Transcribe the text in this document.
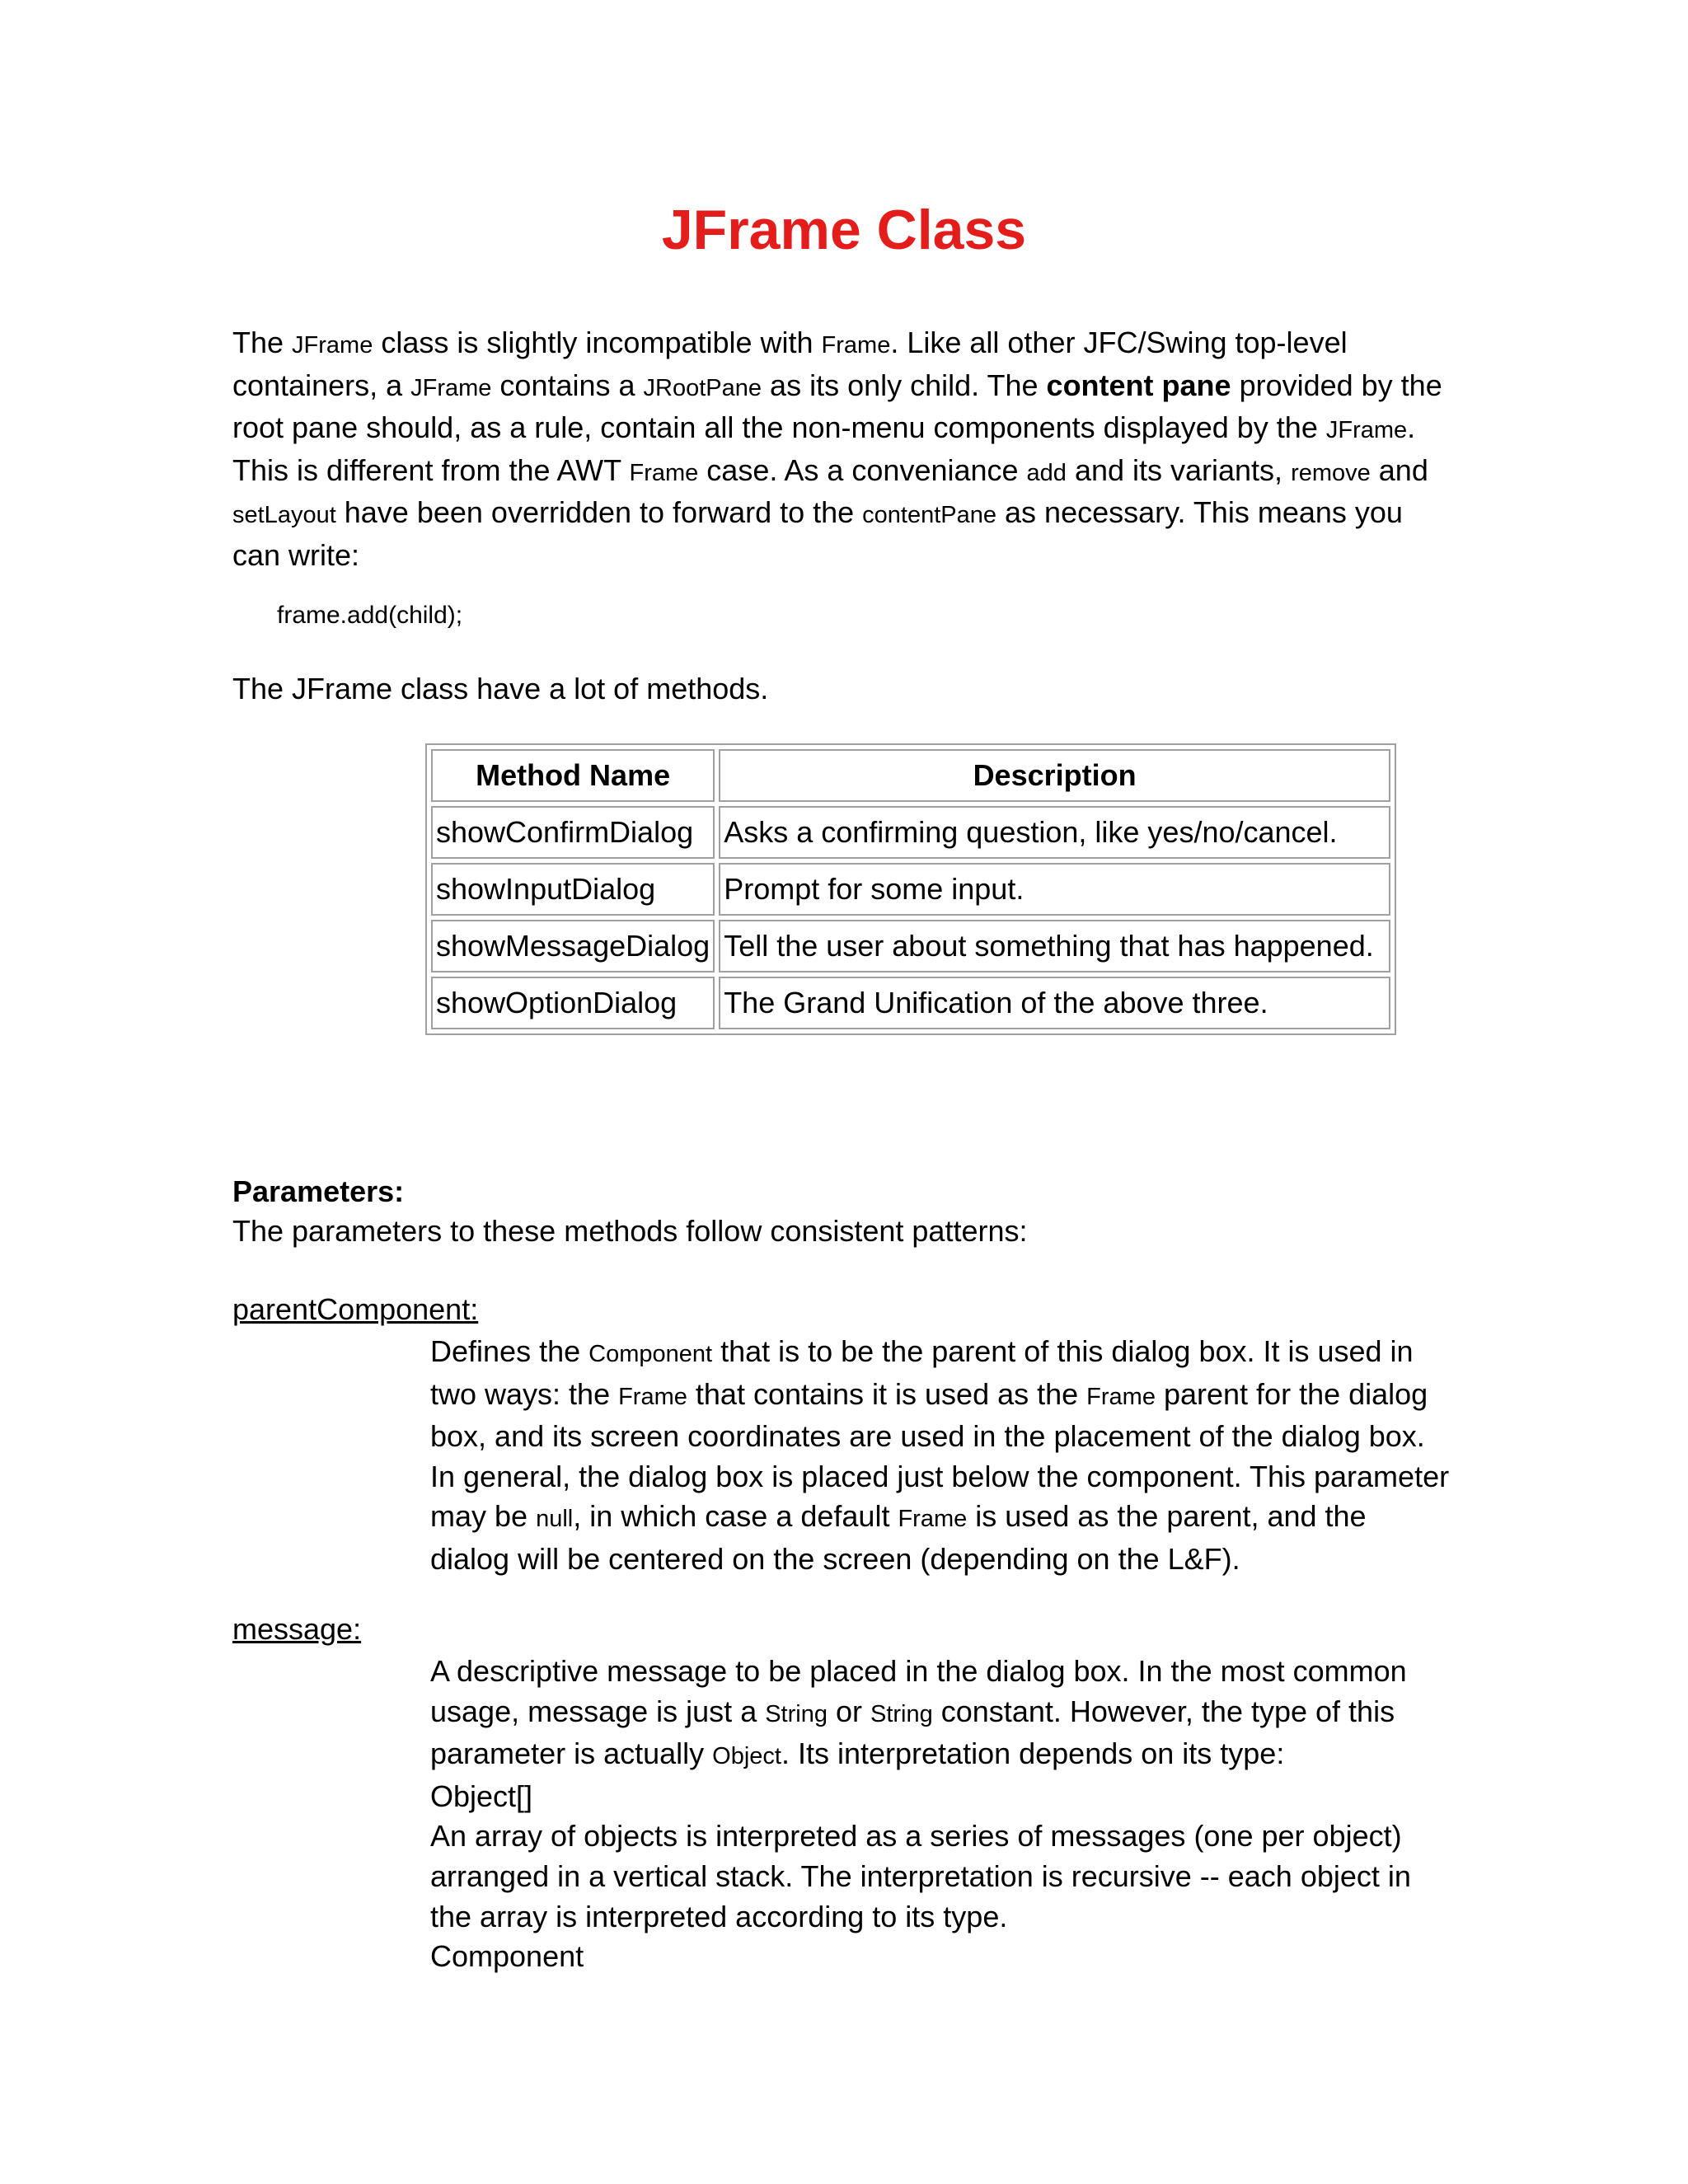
JFrame Class

The JFrame class is slightly incompatible with Frame. Like all other JFC/Swing top-level containers, a JFrame contains a JRootPane as its only child. The content pane provided by the root pane should, as a rule, contain all the non-menu components displayed by the JFrame. This is different from the AWT Frame case. As a conveniance add and its variants, remove and setLayout have been overridden to forward to the contentPane as necessary. This means you can write:

frame.add(child);

The JFrame class have a lot of methods.

Method Name	Description
showConfirmDialog	Asks a confirming question, like yes/no/cancel.
showInputDialog	Prompt for some input.
showMessageDialog	Tell the user about something that has happened.
showOptionDialog	The Grand Unification of the above three.

Parameters:

The parameters to these methods follow consistent patterns:

parentComponent:

Defines the Component that is to be the parent of this dialog box. It is used in two ways: the Frame that contains it is used as the Frame parent for the dialog box, and its screen coordinates are used in the placement of the dialog box. In general, the dialog box is placed just below the component. This parameter may be null, in which case a default Frame is used as the parent, and the dialog will be centered on the screen (depending on the L&F).

message:

A descriptive message to be placed in the dialog box. In the most common usage, message is just a String or String constant. However, the type of this parameter is actually Object. Its interpretation depends on its type:
Object[]
An array of objects is interpreted as a series of messages (one per object) arranged in a vertical stack. The interpretation is recursive -- each object in the array is interpreted according to its type.
Component
